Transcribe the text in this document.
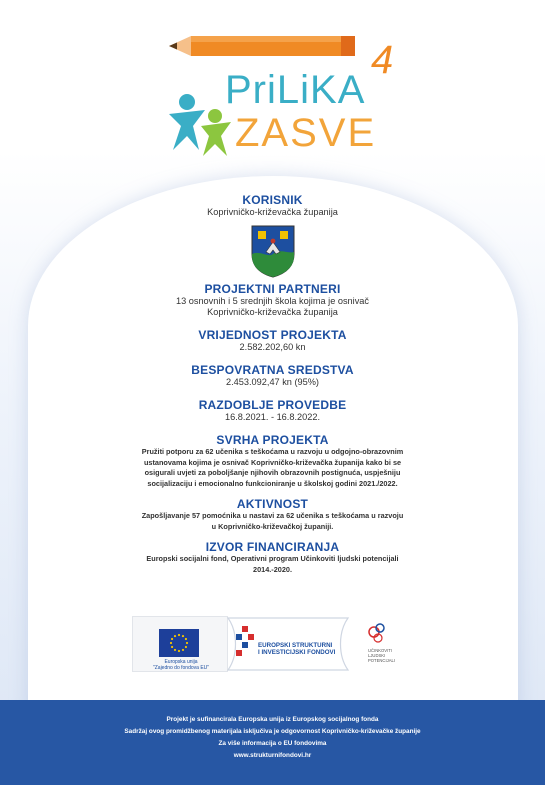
4
PriLiKA
ZASVE
KORISNIK
Koprivničko-križevačka županija
PROJEKTNI PARTNERI
13 osnovnih i 5 srednjih škola kojima je osnivač
Koprivničko-križevačka županija
VRIJEDNOST PROJEKTA
2.582.202,60 kn
BESPOVRATNA SREDSTVA
2.453.092,47 kn (95%)
RAZDOBLJE PROVEDBE
16.8.2021. - 16.8.2022.
SVRHA PROJEKTA
Pružiti potporu za 62 učenika s teškoćama u razvoju u odgojno-obrazovnim
ustanovama kojima je osnivač Koprivničko-križevačka županija kako bi se
osigurali uvjeti za poboljšanje njihovih obrazovnih postignuća, uspješniju
socijalizaciju i emocionalno funkcioniranje u školskoj godini 2021./2022.
AKTIVNOST
Zapošljavanje 57 pomoćnika u nastavi za 62 učenika s teškoćama u razvoju
u Koprivničko-križevačkoj županiji.
IZVOR FINANCIRANJA
Europski socijalni fond, Operativni program Učinkoviti ljudski potencijali
2014.-2020.
Europska unija
"Zajedno do fondova EU"
EUROPSKI STRUKTURNI
I INVESTICIJSKI FONDOVI	UČINKOVITI
LJUDSKI
POTENCIJALI
Projekt je sufinancirala Europska unija iz Europskog socijalnog fonda
Sadržaj ovog promidžbenog materijala isključiva je odgovornost Koprivničko-križevačke županije
Za više informacija o EU fondovima
www.strukturnifondovi.hr
